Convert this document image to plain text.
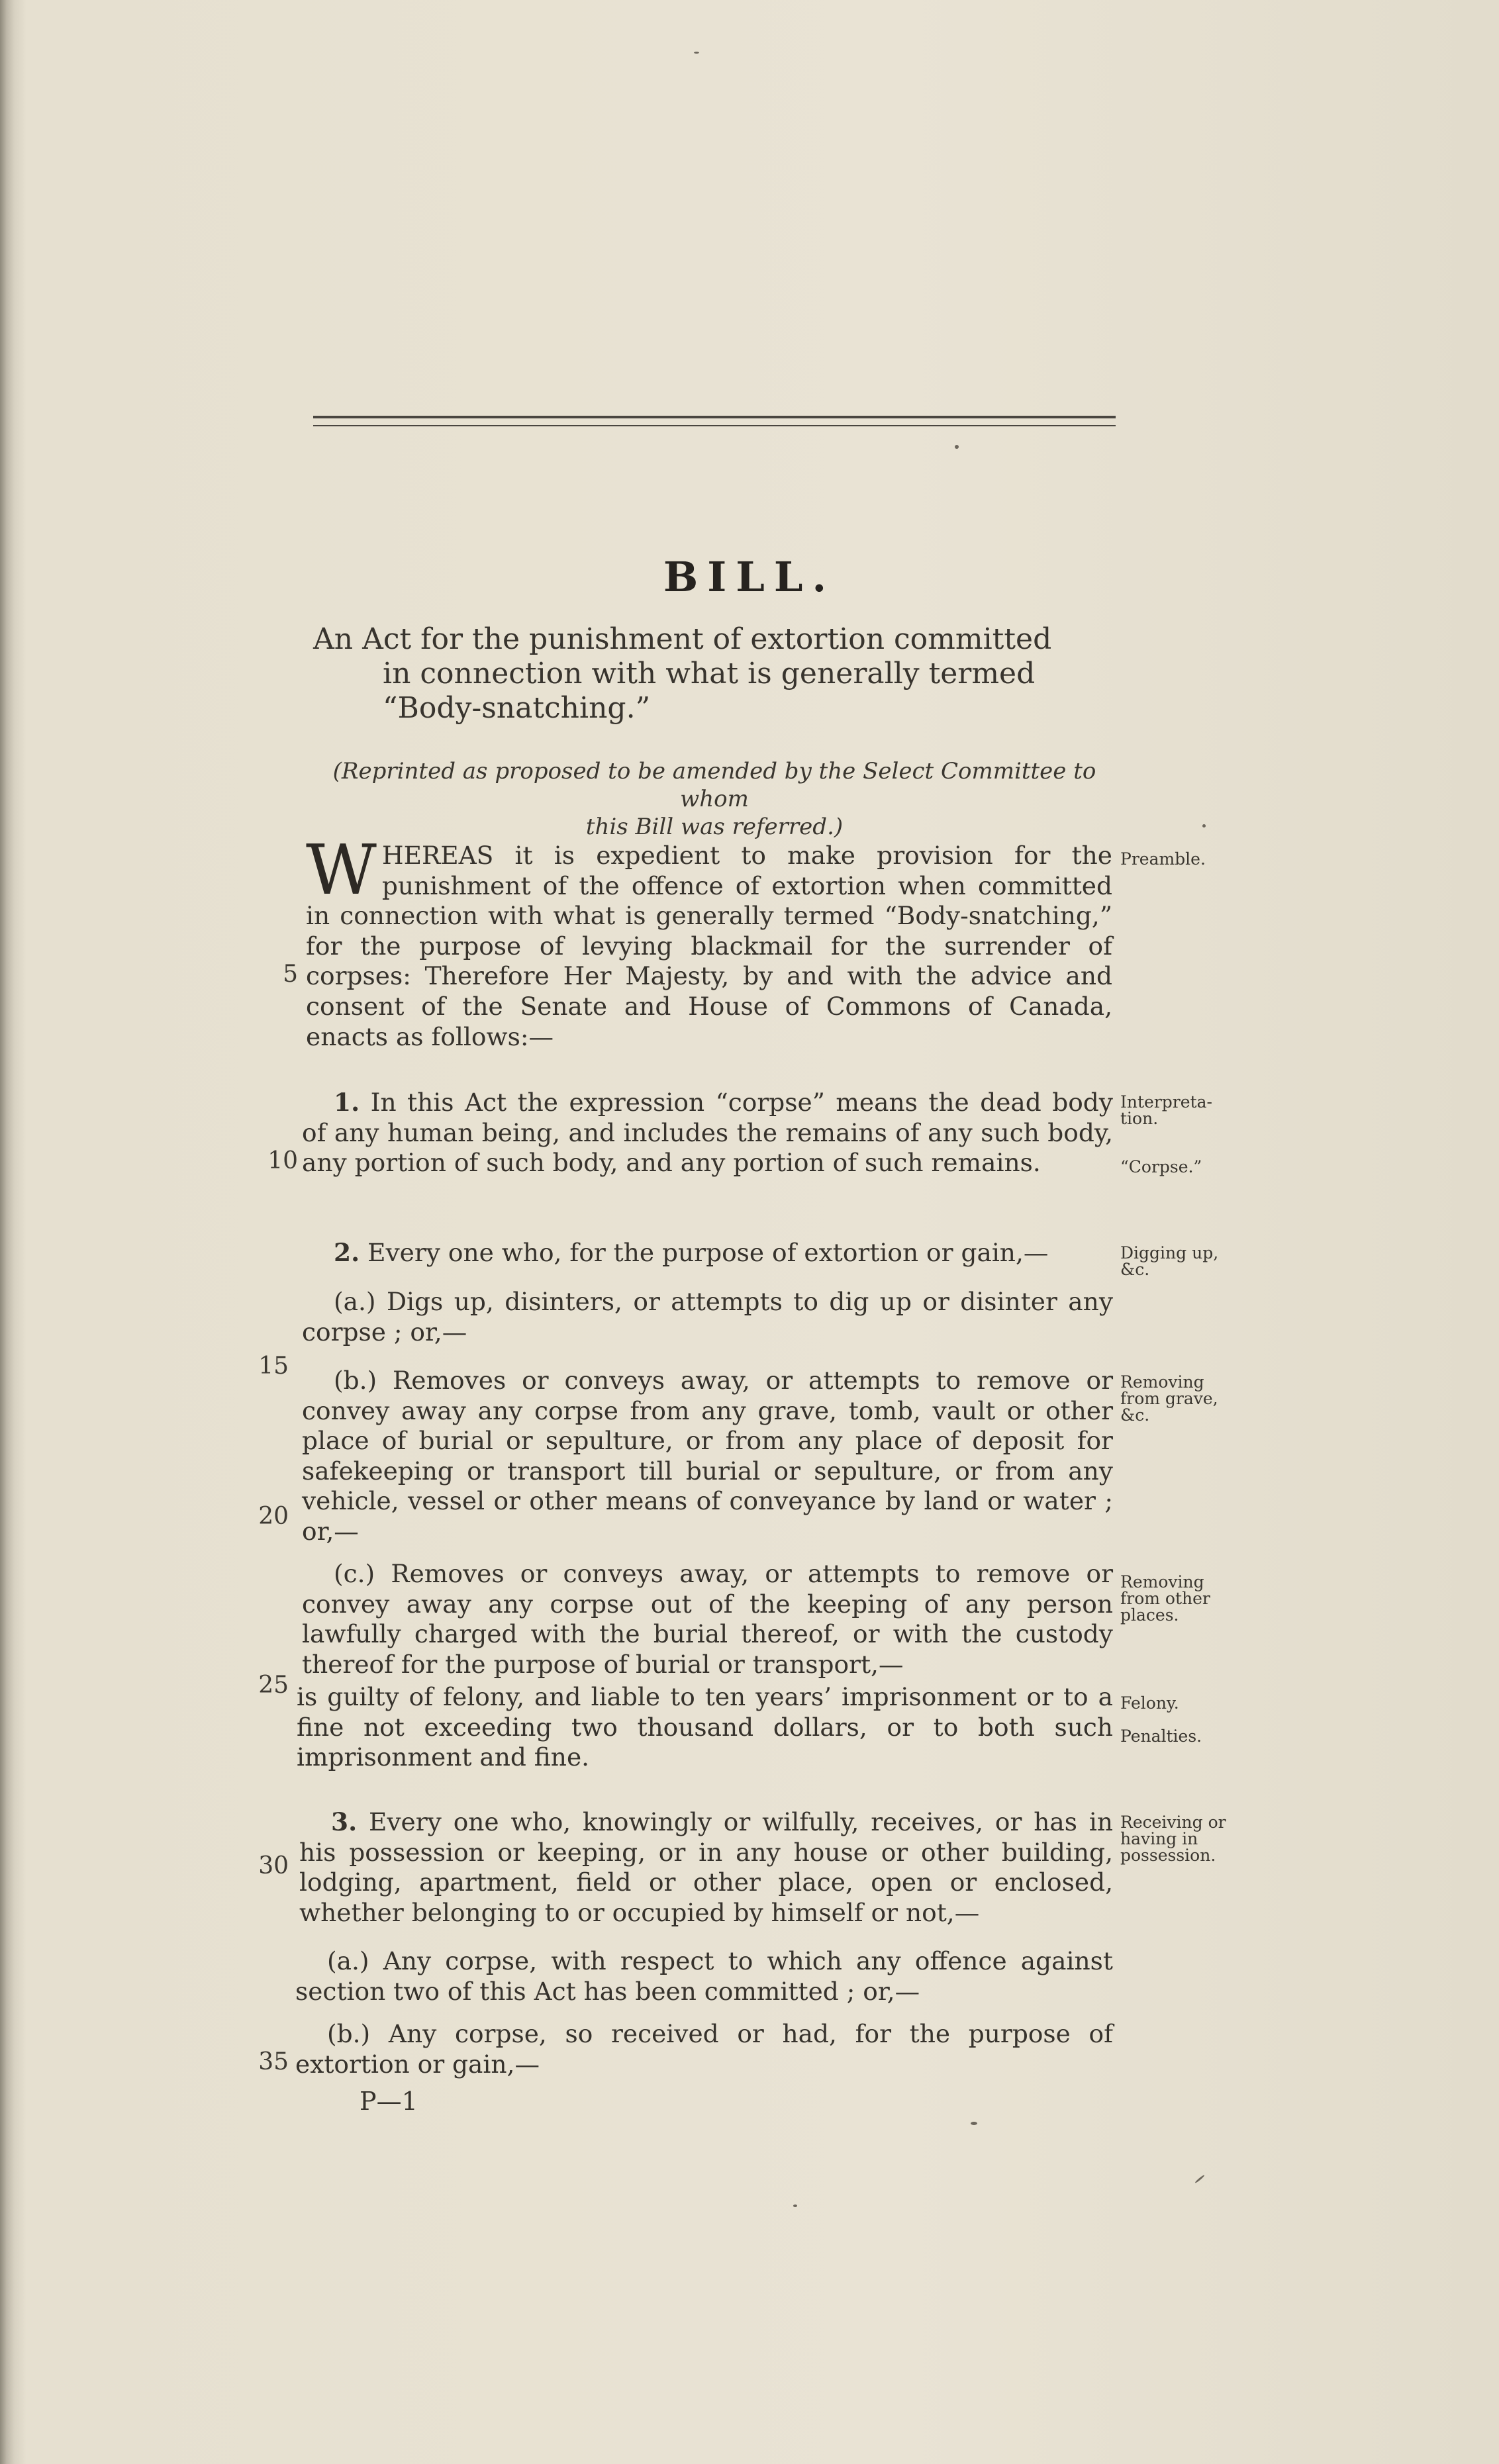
BILL.
An Act for the punishment of extortion committed
in connection with what is generally termed
“Body-snatching.”
(Reprinted as proposed to be amended by the Select Committee to whom
this Bill was referred.)
WHEREAS it is expedient to make provision for the punishment of the offence of extortion when committed in connection with what is generally termed “Body-snatching,” for the purpose of levying blackmail for the surrender of corpses: Therefore Her Majesty, by and with the advice and consent of the Senate and House of Commons of Canada, enacts as follows:—
1. In this Act the expression “corpse” means the dead body of any human being, and includes the remains of any such body, any portion of such body, and any portion of such remains.
2. Every one who, for the purpose of extortion or gain,—
(a.) Digs up, disinters, or attempts to dig up or disinter any corpse ; or,—
(b.) Removes or conveys away, or attempts to remove or convey away any corpse from any grave, tomb, vault or other place of burial or sepulture, or from any place of deposit for safekeeping or transport till burial or sepulture, or from any vehicle, vessel or other means of conveyance by land or water ; or,—
(c.) Removes or conveys away, or attempts to remove or convey away any corpse out of the keeping of any person lawfully charged with the burial thereof, or with the custody thereof for the purpose of burial or transport,—
is guilty of felony, and liable to ten years’ imprisonment or to a fine not exceeding two thousand dollars, or to both such imprisonment and fine.
3. Every one who, knowingly or wilfully, receives, or has in his possession or keeping, or in any house or other building, lodging, apartment, field or other place, open or enclosed, whether belonging to or occupied by himself or not,—
(a.) Any corpse, with respect to which any offence against section two of this Act has been committed ; or,—
(b.) Any corpse, so received or had, for the purpose of extortion or gain,—
P—1
5
10
15
20
25
30
35
Preamble.
Interpreta-tion.
“Corpse.”
Digging up, &c.
Removing from grave, &c.
Removing from other places.
Felony.
Penalties.
Receiving or having in possession.
